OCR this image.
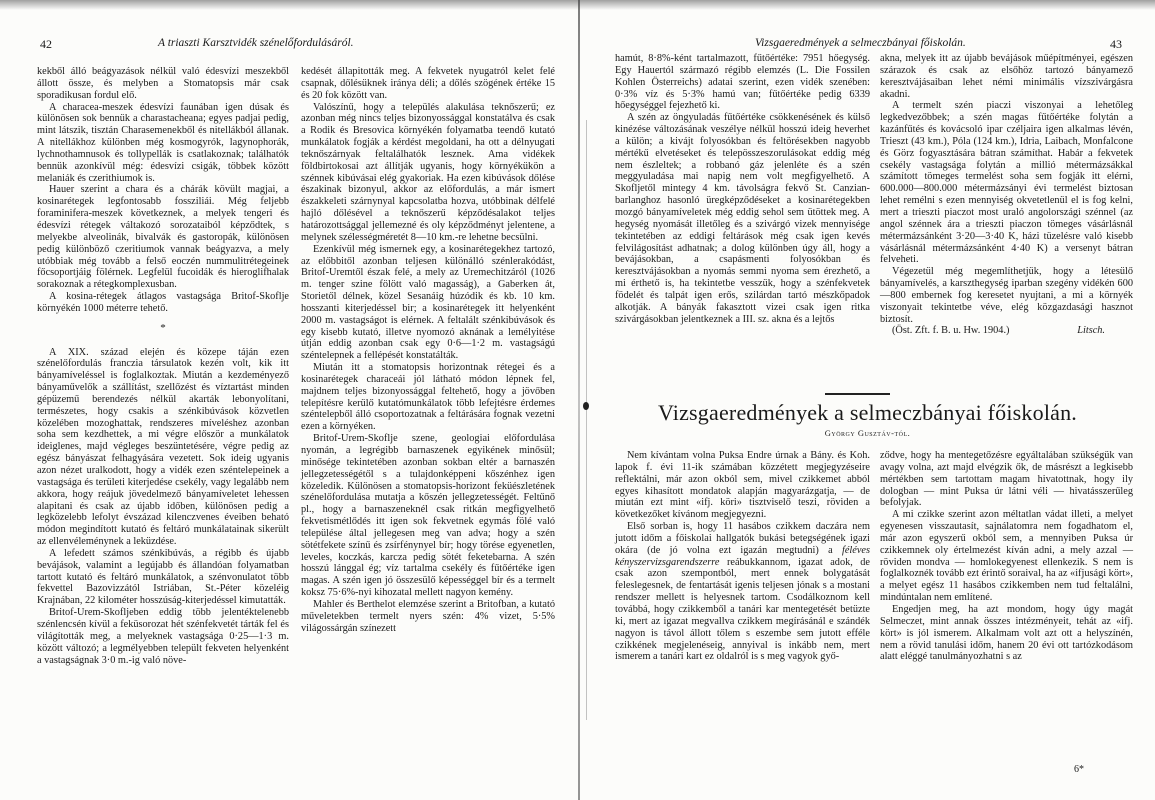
42	A triaszti Karsztvidék szénelőfordulásáról.

kekből álló beágyazások nélkül való édesvízi meszekből állott össze, és melyben a Stomatopsis már csak sporadikusan fordul elő.

A characea-meszek édesvízi faunában igen dúsak és különösen sok bennük a charastacheana; egyes padjai pedig, mint látszik, tisztán Charasemenekből és nitellákból állanak. A nitellákhoz különben még kosmogyrók, lagynophorák, lychnothamnusok és tollypellák is csatlakoznak; találhatók bennük azonkívül még: édesvízi csigák, többek között melaniák és czerithiumok is.

Hauer szerint a chara és a chárák kövült magjai, a kosinarétegek legfontosabb fossziliái. Még feljebb foraminifera-meszek következnek, a melyek tengeri és édesvízi rétegek váltakozó sorozataiból képződtek, s melyekbe alveolinák, bivalvák és gastoropák, különösen pedig különböző czeritiumok vannak beágyazva, a mely utóbbiak még tovább a felső eoczén nummulitrétegeinek főcsoportjáig fölérnek. Legfelül fucoidák és hieroglifhalak sorakoznak a rétegkomplexusban.

A kosina-rétegek átlagos vastagsága Britof-Skoflje környékén 1000 méterre tehető.

*

A XIX. század elején és közepe táján ezen szénelőfordulás franczia társulatok kezén volt, kik itt bányamíveléssel is foglalkoztak. Miután a kezdeményező bányaművelők a szállítást, szellőzést és víztartást minden gépüzemű berendezés nélkül akarták lebonyolítani, természetes, hogy csakis a szénkibúvások közvetlen közelében mozoghattak, rendszeres míveléshez azonban soha sem kezdhettek, a mi végre először a munkálatok ideiglenes, majd végleges beszüntetésére, végre pedig az egész bányászat felhagyására vezetett. Sok ideig ugyanis azon nézet uralkodott, hogy a vidék ezen széntelepeinek a vastagsága és területi kiterjedése csekély, vagy legalább nem akkora, hogy reájuk jövedelmező bányamíveletet lehessen alapitani és csak az újabb időben, különösen pedig a legközelebb lefolyt évszázad kilenczvenes éveiben beható módon megindított kutató és feltáró munkálatainak sikerült az ellenvéleménynek a leküzdése.

A lefedett számos szénkibúvás, a régibb és újabb bevájások, valamint a legújabb és állandóan folyamatban tartott kutató és feltáró munkálatok, a szénvonulatot több fekvettel Bazovizzától Istriában, St.-Péter közeléig Krajnában, 22 kilométer hosszúság-kiterjedéssel kimutatták.

Britof-Urem-Skofljeben eddig több jelentéktelenebb szénlencsén kívül a feküsorozat hét szénfekvetét tárták fel és világították meg, a melyeknek vastagsága 0·25—1·3 m. között változó; a legmélyebben települt fekveten helyenként a vastagságnak 3·0 m.-ig való növe-

kedését állapitották meg. A fekvetek nyugatról kelet felé csapnak, dőlésüknek iránya déli; a dőlés szögének értéke 15 és 20 fok között van.

Valószínű, hogy a település alakulása teknőszerű; ez azonban még nincs teljes bizonyossággal konstatálva és csak a Rodik és Bresovica környékén folyamatba teendő kutató munkálatok fogják a kérdést megoldani, ha ott a délnyugati teknőszárnyak feltalálhatók lesznek. Ama vidékek földbirtokosai azt állítják ugyanis, hogy környékükön a szénnek kibúvásai elég gyakoriak. Ha ezen kibúvások dőlése északinak bizonyul, akkor az előfordulás, a már ismert északkeleti szárnynyal kapcsolatba hozva, utóbbinak délfelé hajló dőlésével a teknőszerű képződésalakot teljes határozottsággal jellemezné és oly képződményt jelentene, a melynek szélességméretét 8—10 km.-re lehetne becsülni.

Ezenkívül még ismernek egy, a kosinarétegekhez tartozó, az előbbitől azonban teljesen különálló szénlerakódást, Britof-Uremtől észak felé, a mely az Uremechitzáról (1026 m. tenger szine fölött való magasság), a Gaberken át, Storietől délnek, közel Sesanáig húzódik és kb. 10 km. hosszanti kiterjedéssel bir; a kosinarétegek itt helyenként 2000 m. vastagságot is elérnek. A feltalált szénkibúvások és egy kisebb kutató, illetve nyomozó aknának a lemélyitése útján eddig azonban csak egy 0·6—1·2 m. vastagságú széntelepnek a fellépését konstatálták.

Miután itt a stomatopsis horizontnak rétegei és a kosinarétegek characeái jól látható módon lépnek fel, majdnem teljes bizonyossággal feltehető, hogy a jövőben telepítésre kerülő kutatómunkálatok több lefejtésre érdemes széntelepből álló csoportozatnak a feltárására fognak vezetni ezen a környéken.

Britof-Urem-Skoflje szene, geologiai előfordulása nyomán, a legrégibb barnaszenek egyikének minősül; minősége tekintetében azonban sokban eltér a barnaszén jellegzetességétől s a tulajdonképpeni kőszénhez igen közeledik. Különösen a stomatopsis-horizont feküészletének szénelőfordulása mutatja a kőszén jellegzetességét. Feltűnő pl., hogy a barnaszeneknél csak ritkán megfigyelhető fekvetismétlődés itt igen sok fekvetnek egymás fölé való települése által jellegesen meg van adva; hogy a szén sötétfekete színű és zsírfénynyel bír; hogy törése egyenetlen, leveles, koczkás, karcza pedig sötét feketebarna. A szén hosszú lánggal ég; víz tartalma csekély és fűtőértéke igen magas. A szén igen jó összesülő képességgel bír és a termelt koksz 75·6%-nyi kihozatal mellett nagyon kemény.

Mahler és Berthelot elemzése szerint a Britofban, a kutató műveletekben termelt nyers szén: 4% vizet, 5·5% világossárgán színezett

Vizsgaeredmények a selmeczbányai főiskolán.	43

hamút, 8·8%-ként tartalmazott, fűtőértéke: 7951 hőegység. Egy Hauertól származó régibb elemzés (L. Die Fossilen Kohlen Österreichs) adatai szerint, ezen vidék szenében: 0·3% víz és 5·3% hamú van; fűtőértéke pedig 6339 hőegységgel fejezhető ki.

A szén az öngyuladás fűtőértéke csökkenésének és külső kinézése változásának veszélye nélkül hosszú ideig heverhet a külön; a kivájt folyosókban és feltörésekben nagyobb mértékű elvetéseket és telepösszeszorulásokat eddig még nem észleltek; a robbanó gáz jelenléte és a szén meggyuladása mai napig nem volt megfigyelhető. A Skofljetől mintegy 4 km. távolságra fekvő St. Canzian-barlanghoz hasonló üregképződéseket a kosinarétegekben mozgó bányamíveletek még eddig sehol sem ütöttek meg. A hegység nyomását illetőleg és a szivárgó vizek mennyisége tekintetében az eddigi feltárások még csak igen kevés felvilágosítást adhatnak; a dolog különben úgy áll, hogy a bevájásokban, a csapásmenti folyosókban és keresztvájásokban a nyomás semmi nyoma sem érezhető, a mi érthető is, ha tekintetbe vesszük, hogy a szénfekvetek födelét és talpát igen erős, szilárdan tartó mészkőpadok alkotják. A bányák fakasztott vizei csak igen ritka szivárgásokban jelentkeznek a III. sz. akna és a lejtős

akna, melyek itt az újabb bevájások műépítményei, egészen szárazok és csak az elsőhöz tartozó bányamező keresztvájásaiban lehet némi minimális vízszivárgásra akadni.

A termelt szén piaczi viszonyai a lehetőleg legkedvezőbbek; a szén magas fűtőértéke folytán a kazánfűtés és kovácsoló ipar czéljaira igen alkalmas lévén, Trieszt (43 km.), Póla (124 km.), Idria, Laibach, Monfalcone és Görz fogyasztására bátran számíthat. Habár a fekvetek csekély vastagsága folytán a millió métermázsákkal számított tömeges termelést soha sem fogják itt elérni, 600.000—800.000 métermázsányi évi termelést biztosan lehet remélni s ezen mennyiség okvetetlenül el is fog kelni, mert a trieszti piaczot most uraló angolországi szénnel (az angol szénnek ára a trieszti piaczon tömeges vásárlásnál métermázsánként 3·20—3·40 K, házi tüzelésre való kisebb vásárlásnál métermázsánként 4·40 K) a versenyt bátran felveheti.

Végezetül még megemlíthetjük, hogy a létesülő bányamívelés, a karszthegység iparban szegény vidékén 600—800 embernek fog keresetet nyujtani, a mi a környék viszonyait tekintetbe véve, elég közgazdasági hasznot biztosít.

(Öst. Zft. f. B. u. Hw. 1904.)	Litsch.
Vizsgaeredmények a selmeczbányai főiskolán.
György Gusztáv-tól.

Nem kívántam volna Puksa Endre úrnak a Bány. és Koh. lapok f. évi 11-ik számában közzétett megjegyzéseire reflektálni, már azon okból sem, mivel czikkemet abból egyes kihasított mondatok alapján magyarázgatja, — de miután ezt mint «ifj. köri» tisztviselő teszi, röviden a következőket kívánom megjegyezni.

Első sorban is, hogy 11 hasábos czikkem daczára nem jutott időm a főiskolai hallgatók bukási betegségének igazi okára (de jó volna ezt igazán megtudni) a féléves kényszervizsgarendszerre reábukkannom, igazat adok, de csak azon szempontból, mert ennek bolygatását feleslegesnek, de fentartását igenis teljesen jónak s a mostani rendszer mellett is helyesnek tartom. Csodálkoznom kell továbbá, hogy czikkemből a tanári kar mentegetését betüzte ki, mert az igazat megvallva czikkem megírásánál e szándék nagyon is távol állott tőlem s eszembe sem jutott efféle czikkének megjelenéseig, annyival is inkább nem, mert ismerem a tanári kart ez oldalról is s meg vagyok győ-

ződve, hogy ha mentegetőzésre egyáltalában szükségük van avagy volna, azt majd elvégzik ők, de másrészt a legkisebb mértékben sem tartottam magam hivatottnak, hogy ily dologban — mint Puksa úr látni véli — hivatásszerűleg befolyjak.

A mi czikke szerint azon méltatlan vádat illeti, a melyet egyenesen visszautasít, sajnálatomra nem fogadhatom el, már azon egyszerű okból sem, a mennyiben Puksa úr czikkemnek oly értelmezést kíván adni, a mely azzal — röviden mondva — homlokegyenest ellenkezik. S nem is foglalkoznék tovább ezt érintő soraival, ha az «ifjusági kört», a melyet egész 11 hasábos czikkemben nem tud feltalálni, mindúntalan nem említené.

Engedjen meg, ha azt mondom, hogy úgy magát Selmeczet, mint annak összes intézményeit, tehát az «ifj. kört» is jól ismerem. Alkalmam volt azt ott a helyszínén, nem a rövid tanulási időm, hanem 20 évi ott tartózkodásom alatt eléggé tanulmányozhatni s az

6*
